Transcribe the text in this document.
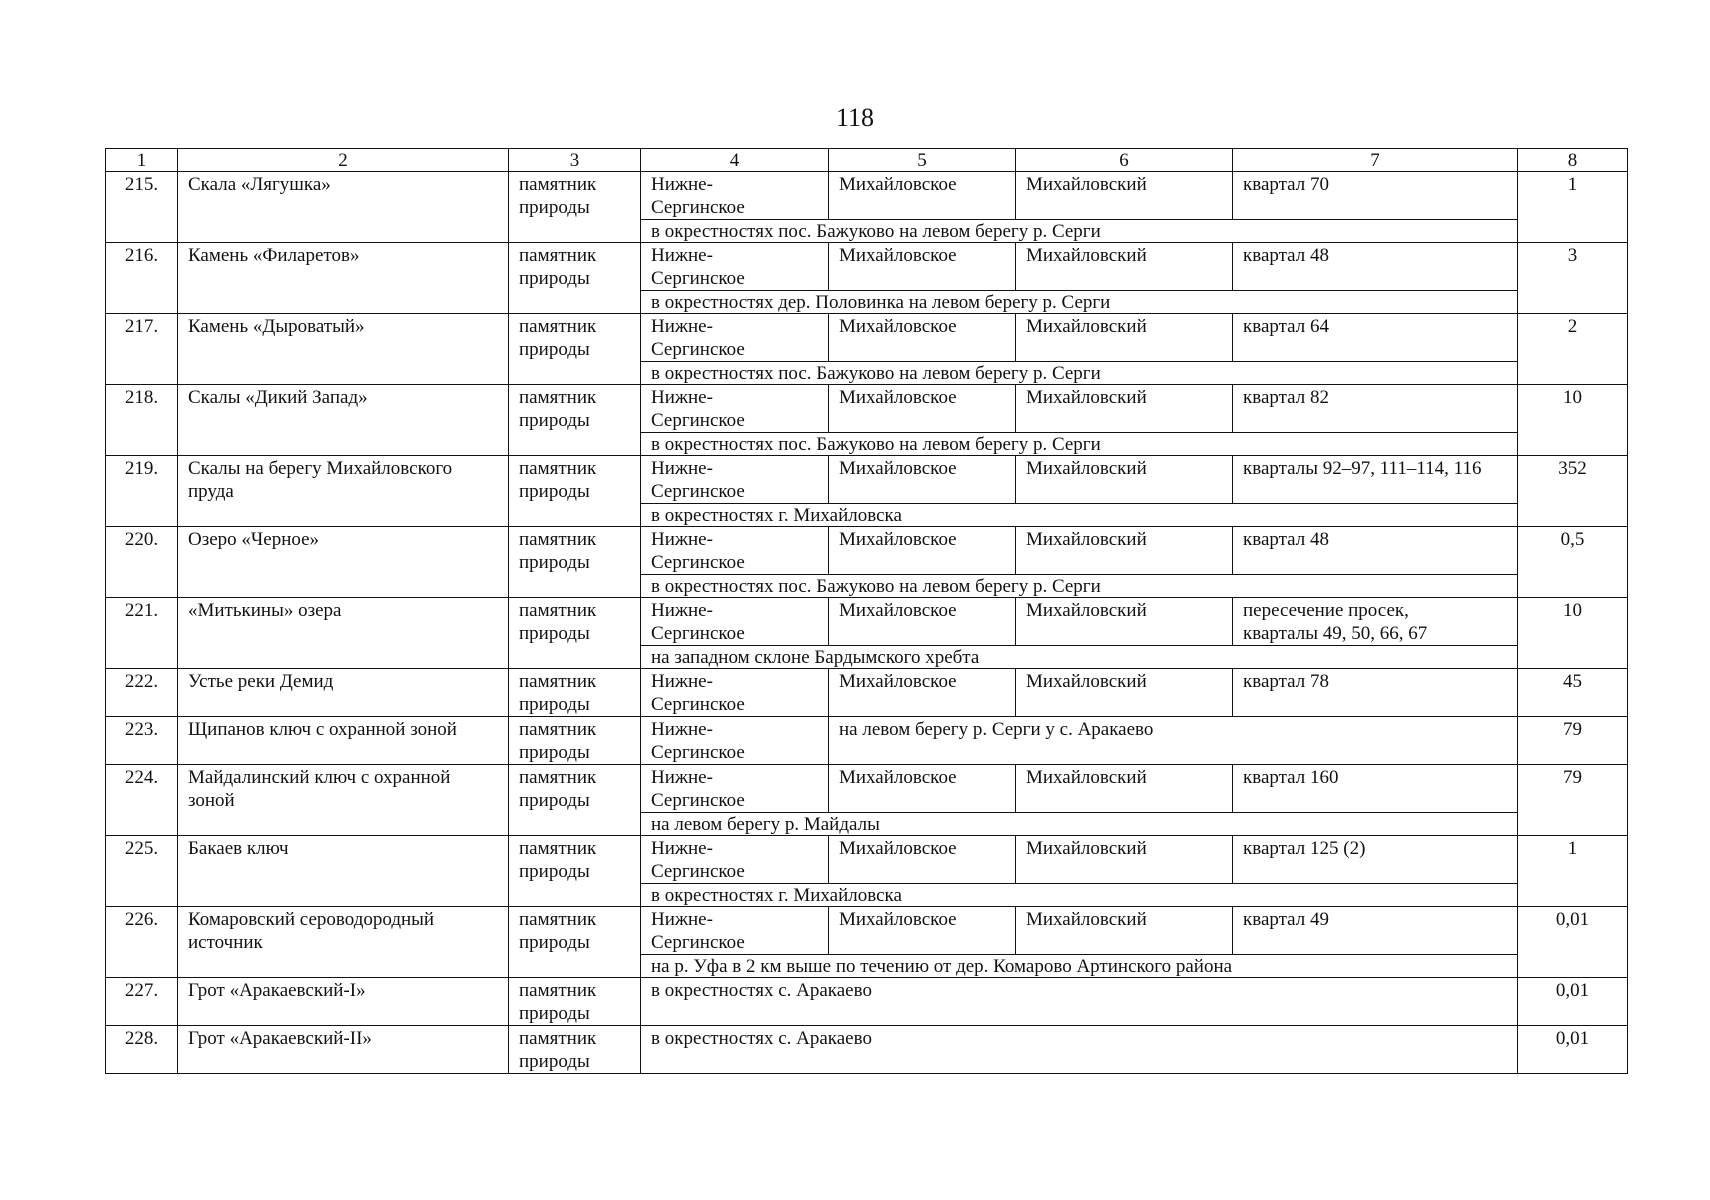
118
1	2	3	4	5	6	7	8
215.	Скала «Лягушка»	памятник природы	Нижне-
Сергинское	Михайловское	Михайловский	квартал 70	1
			в окрестностях пос. Бажуково на левом берегу р. Серги				
216.	Камень «Филаретов»	памятник природы	Нижне-
Сергинское	Михайловское	Михайловский	квартал 48	3
			в окрестностях дер. Половинка на левом берегу р. Серги				
217.	Камень «Дыроватый»	памятник природы	Нижне-
Сергинское	Михайловское	Михайловский	квартал 64	2
			в окрестностях пос. Бажуково на левом берегу р. Серги				
218.	Скалы «Дикий Запад»	памятник природы	Нижне-
Сергинское	Михайловское	Михайловский	квартал 82	10
			в окрестностях пос. Бажуково на левом берегу р. Серги				
219.	Скалы на берегу Михайловского пруда	памятник природы	Нижне-
Сергинское	Михайловское	Михайловский	кварталы 92–97, 111–114, 116	352
			в окрестностях г. Михайловска				
220.	Озеро «Черное»	памятник природы	Нижне-
Сергинское	Михайловское	Михайловский	квартал 48	0,5
			в окрестностях пос. Бажуково на левом берегу р. Серги				
221.	«Митькины» озера	памятник природы	Нижне-
Сергинское	Михайловское	Михайловский	пересечение просек,
кварталы 49, 50, 66, 67	10
			на западном склоне Бардымского хребта				
222.	Устье реки Демид	памятник природы	Нижне-
Сергинское	Михайловское	Михайловский	квартал 78	45
223.	Щипанов ключ с охранной зоной	памятник природы	Нижне-
Сергинское	на левом берегу р. Серги у с. Аракаево			79
224.	Майдалинский ключ с охранной зоной	памятник природы	Нижне-
Сергинское	Михайловское	Михайловский	квартал 160	79
			на левом берегу р. Майдалы				
225.	Бакаев ключ	памятник природы	Нижне-
Сергинское	Михайловское	Михайловский	квартал 125 (2)	1
			в окрестностях г. Михайловска				
226.	Комаровский сероводородный источник	памятник природы	Нижне-
Сергинское	Михайловское	Михайловский	квартал 49	0,01
			на р. Уфа в 2 км выше по течению от дер. Комарово Артинского района				
227.	Грот «Аракаевский-I»	памятник природы	в окрестностях с. Аракаево				0,01
228.	Грот «Аракаевский-II»	памятник природы	в окрестностях с. Аракаево				0,01
